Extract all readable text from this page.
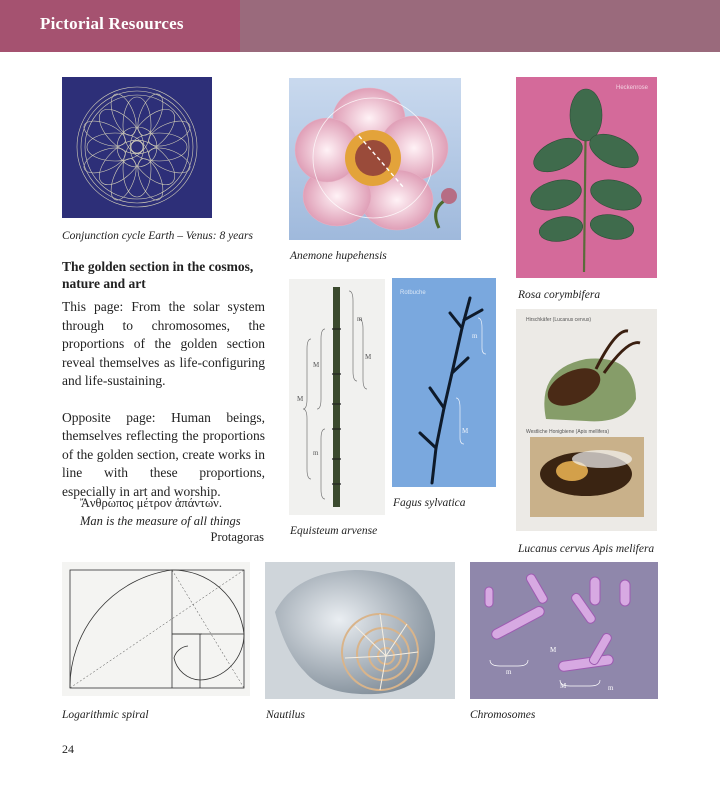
Pictorial Resources
Conjunction cycle Earth – Venus: 8 years
Anemone hupehensis
Heckenrose
Rosa corymbifera
M
M
M
m
m
Equisteum arvense
Rotbuche
m
M
Fagus sylvatica
Hirschkäfer (Lucanus cervus)
Westliche Honigbiene (Apis mellifera)
Lucanus cervus Apis melifera
Logarithmic spiral	Nautilus
m
M
M	m
Chromosomes
The golden section in the cosmos, nature and art

This page: From the solar system through to chromosomes, the proportions of the golden section reveal themselves as life-configuring and life-sustaining.

Opposite page: Human beings, themselves reflecting the proportions of the golden section, create works in line with these proportions, especially in art and worship.

Ἄνθρωπος μέτρον ἁπάντων.
Man is the measure of all things
Protagoras
24
